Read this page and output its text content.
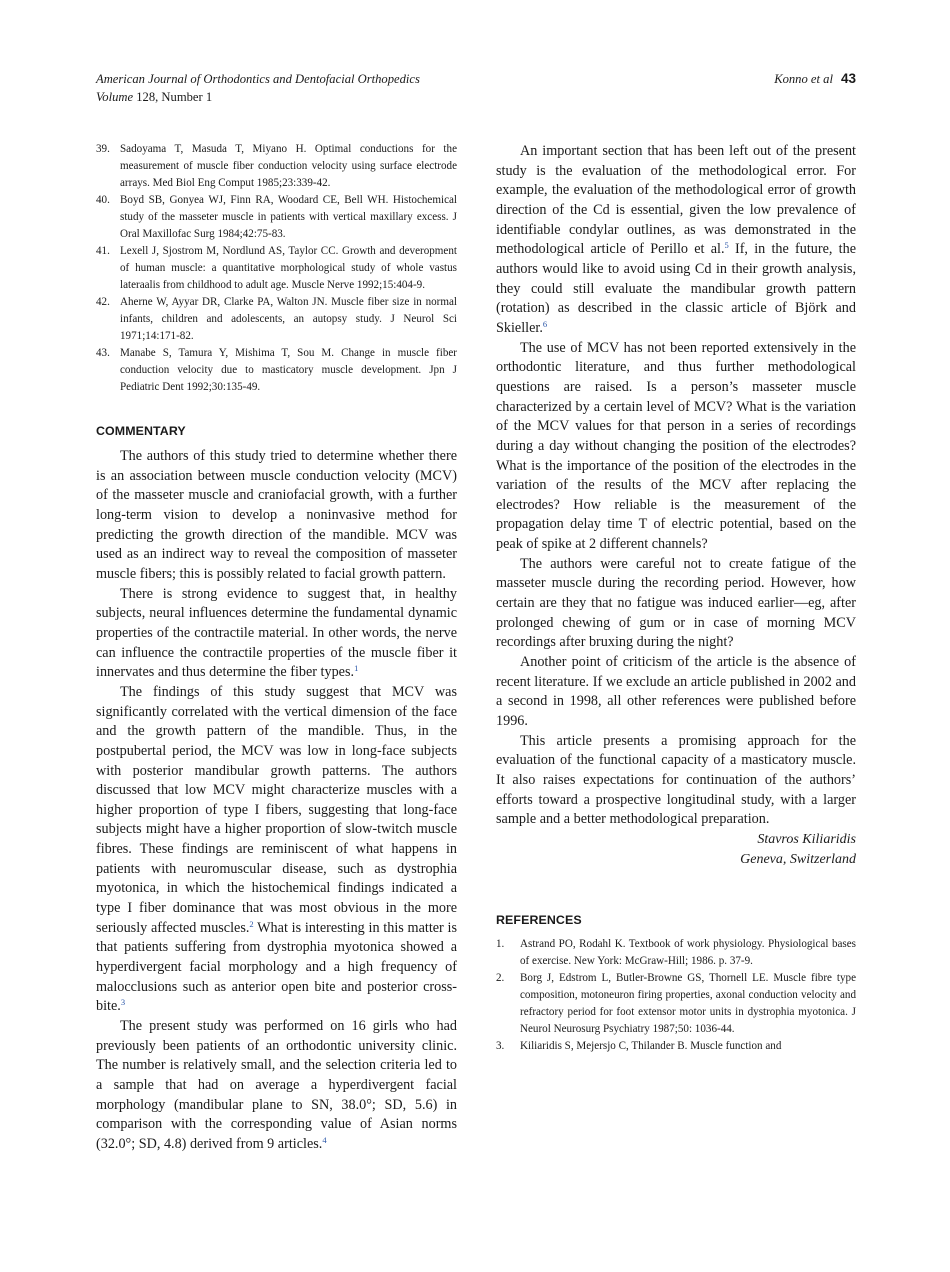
American Journal of Orthodontics and Dentofacial Orthopedics
Volume 128, Number 1
Konno et al 43
39. Sadoyama T, Masuda T, Miyano H. Optimal conductions for the measurement of muscle fiber conduction velocity using surface electrode arrays. Med Biol Eng Comput 1985;23:339-42.
40. Boyd SB, Gonyea WJ, Finn RA, Woodard CE, Bell WH. Histochemical study of the masseter muscle in patients with vertical maxillary excess. J Oral Maxillofac Surg 1984;42:75-83.
41. Lexell J, Sjostrom M, Nordlund AS, Taylor CC. Growth and deveropment of human muscle: a quantitative morphological study of whole vastus lateraalis from childhood to adult age. Muscle Nerve 1992;15:404-9.
42. Aherne W, Ayyar DR, Clarke PA, Walton JN. Muscle fiber size in normal infants, children and adolescents, an autopsy study. J Neurol Sci 1971;14:171-82.
43. Manabe S, Tamura Y, Mishima T, Sou M. Change in muscle fiber conduction velocity due to masticatory muscle development. Jpn J Pediatric Dent 1992;30:135-49.
COMMENTARY

The authors of this study tried to determine whether there is an association between muscle conduction velocity (MCV) of the masseter muscle and craniofacial growth, with a further long-term vision to develop a noninvasive method for predicting the growth direction of the mandible. MCV was used as an indirect way to reveal the composition of masseter muscle fibers; this is possibly related to facial growth pattern.

There is strong evidence to suggest that, in healthy subjects, neural influences determine the fundamental dynamic properties of the contractile material. In other words, the nerve can influence the contractile properties of the muscle fiber it innervates and thus determine the fiber types.$^1$

The findings of this study suggest that MCV was significantly correlated with the vertical dimension of the face and the growth pattern of the mandible. Thus, in the postpubertal period, the MCV was low in long-face subjects with posterior mandibular growth patterns. The authors discussed that low MCV might characterize muscles with a higher proportion of type I fibers, suggesting that long-face subjects might have a higher proportion of slow-twitch muscle fibres. These findings are reminiscent of what happens in patients with neuromuscular disease, such as dystrophia myotonica, in which the histochemical findings indicated a type I fiber dominance that was most obvious in the more seriously affected muscles.$^2$ What is interesting in this matter is that patients suffering from dystrophia myotonica showed a hyperdivergent facial morphology and a high frequency of malocclusions such as anterior open bite and posterior cross-bite.$^3$

The present study was performed on 16 girls who had previously been patients of an orthodontic university clinic. The number is relatively small, and the selection criteria led to a sample that had on average a hyperdivergent facial morphology (mandibular plane to SN, 38.0°; SD, 5.6) in comparison with the corresponding value of Asian norms (32.0°; SD, 4.8) derived from 9 articles.$^4$

An important section that has been left out of the present study is the evaluation of the methodological error. For example, the evaluation of the methodological error of growth direction of the Cd is essential, given the low prevalence of identifiable condylar outlines, as was demonstrated in the methodological article of Perillo et al.$^5$ If, in the future, the authors would like to avoid using Cd in their growth analysis, they could still evaluate the mandibular growth pattern (rotation) as described in the classic article of Björk and Skieller.$^6$

The use of MCV has not been reported extensively in the orthodontic literature, and thus further methodological questions are raised. Is a person’s masseter muscle characterized by a certain level of MCV? What is the variation of the MCV values for that person in a series of recordings during a day without changing the position of the electrodes? What is the importance of the position of the electrodes in the variation of the results of the MCV after replacing the electrodes? How reliable is the measurement of the propagation delay time T of electric potential, based on the peak of spike at 2 different channels?

The authors were careful not to create fatigue of the masseter muscle during the recording period. However, how certain are they that no fatigue was induced earlier—eg, after prolonged chewing of gum or in case of morning MCV recordings after bruxing during the night?

Another point of criticism of the article is the absence of recent literature. If we exclude an article published in 2002 and a second in 1998, all other references were published before 1996.

This article presents a promising approach for the evaluation of the functional capacity of a masticatory muscle. It also raises expectations for continuation of the authors’ efforts toward a prospective longitudinal study, with a larger sample and a better methodological preparation.

Stavros Kiliaridis
Geneva, Switzerland
REFERENCES
1. Astrand PO, Rodahl K. Textbook of work physiology. Physiological bases of exercise. New York: McGraw-Hill; 1986. p. 37-9.
2. Borg J, Edstrom L, Butler-Browne GS, Thornell LE. Muscle fibre type composition, motoneuron firing properties, axonal conduction velocity and refractory period for foot extensor motor units in dystrophia myotonica. J Neurol Neurosurg Psychiatry 1987;50: 1036-44.
3. Kiliaridis S, Mejersjo C, Thilander B. Muscle function and
